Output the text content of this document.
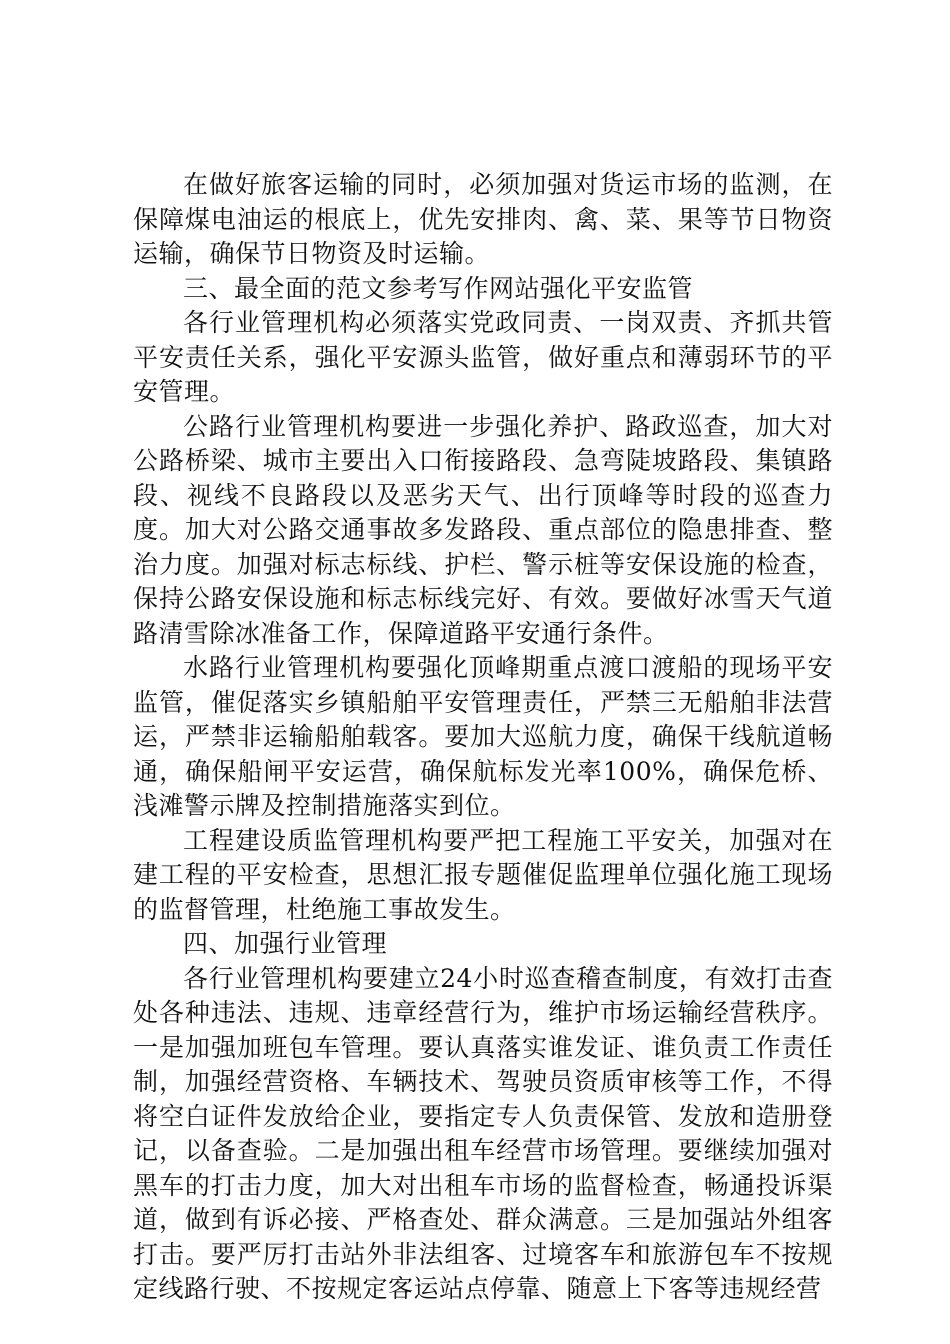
在做好旅客运输的同时，必须加强对货运市场的监测，在保障煤电油运的根底上，优先安排肉、禽、菜、果等节日物资运输，确保节日物资及时运输。

三、最全面的范文参考写作网站强化平安监管

各行业管理机构必须落实党政同责、一岗双责、齐抓共管平安责任关系，强化平安源头监管，做好重点和薄弱环节的平安管理。

公路行业管理机构要进一步强化养护、路政巡查，加大对公路桥梁、城市主要出入口衔接路段、急弯陡坡路段、集镇路段、视线不良路段以及恶劣天气、出行顶峰等时段的巡查力度。加大对公路交通事故多发路段、重点部位的隐患排查、整治力度。加强对标志标线、护栏、警示桩等安保设施的检查，保持公路安保设施和标志标线完好、有效。要做好冰雪天气道路清雪除冰准备工作，保障道路平安通行条件。

水路行业管理机构要强化顶峰期重点渡口渡船的现场平安监管，催促落实乡镇船舶平安管理责任，严禁三无船舶非法营运，严禁非运输船舶载客。要加大巡航力度，确保干线航道畅通，确保船闸平安运营，确保航标发光率100%，确保危桥、浅滩警示牌及控制措施落实到位。

工程建设质监管理机构要严把工程施工平安关，加强对在建工程的平安检查，思想汇报专题催促监理单位强化施工现场的监督管理，杜绝施工事故发生。

四、加强行业管理

各行业管理机构要建立24小时巡查稽查制度，有效打击查处各种违法、违规、违章经营行为，维护市场运输经营秩序。一是加强加班包车管理。要认真落实谁发证、谁负责工作责任制，加强经营资格、车辆技术、驾驶员资质审核等工作，不得将空白证件发放给企业，要指定专人负责保管、发放和造册登记，以备查验。二是加强出租车经营市场管理。要继续加强对黑车的打击力度，加大对出租车市场的监督检查，畅通投诉渠道，做到有诉必接、严格查处、群众满意。三是加强站外组客打击。要严厉打击站外非法组客、过境客车和旅游包车不按规定线路行驶、不按规定客运站点停靠、随意上下客等违规经营
